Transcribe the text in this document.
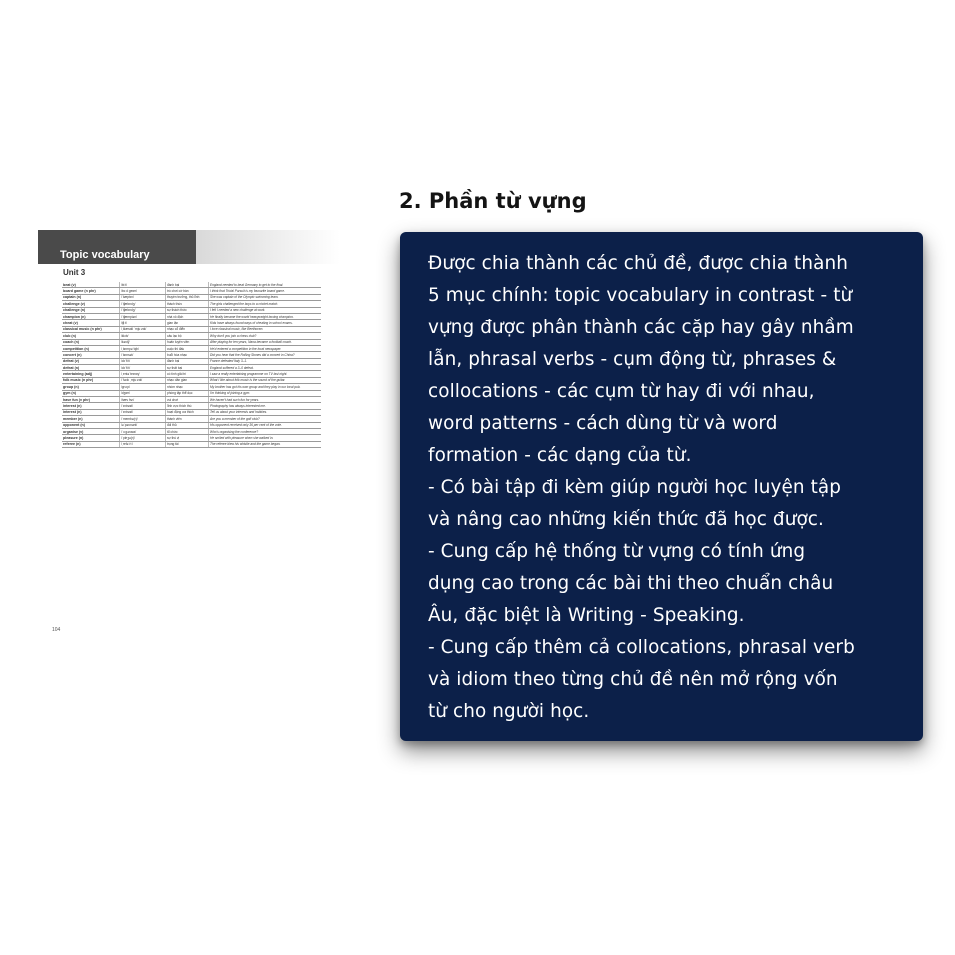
Topic vocabulary
Unit 3
beat (v)	/biːt/	đánh bại	England needed to beat Germany to get to the final.
board game (n phr)	/bɔːd ɡeɪm/	trò chơi cờ bàn	I think that Trivial Pursuit is my favourite board game.
captain (n)	/ˈkæptɪn/	thuyền trưởng, thủ lĩnh	She was captain of the Olympic swimming team.
challenge (v)	/ˈtʃælɪndʒ/	thách thức	The girls challenged the boys to a cricket match.
challenge (n)	/ˈtʃælɪndʒ/	sự thách thức	I felt I needed a new challenge at work.
champion (n)	/ˈtʃæmpiən/	nhà vô địch	He finally became the world heavyweight boxing champion.
cheat (v)	/tʃiːt/	gian lận	Kids have always found ways of cheating in school exams.
classical music (n phr)	/ˌklæsɪkl ˈmjuːzɪk/	nhạc cổ điển	I love classical music, like Beethoven.
club (n)	/klʌb/	câu lạc bộ	Why don't you join a chess club?
coach (n)	/kəʊtʃ/	huấn luyện viên	After playing for ten years, Nana became a football coach.
competition (n)	/ˌkɒmpəˈtɪʃn/	cuộc thi đấu	He'd entered a competition in the local newspaper.
concert (n)	/ˈkɒnsət/	buổi hòa nhạc	Did you hear that the Rolling Stones did a concert in China?
defeat (v)	/dɪˈfiːt/	đánh bại	France defeated Italy 3–1.
defeat (n)	/dɪˈfiːt/	sự thất bại	England suffered a 3–0 defeat.
entertaining (adj)	/ˌentəˈteɪnɪŋ/	có tính giải trí	I saw a really entertaining programme on TV last night.
folk music (n phr)	/ˈfəʊk ˌmjuːzɪk/	nhạc dân gian	What I like about folk music is the sound of the guitar.
group (n)	/ɡruːp/	nhóm nhạc	My brother has got his own group and they play in our local pub.
gym (n)	/dʒɪm/	phòng tập thể dục	I'm thinking of joining a gym.
have fun (v phr)	/hæv fʌn/	vui chơi	We haven't had such fun for years.
interest (n)	/ˈɪntrəst/	lĩnh vực thích thú	Photography has always interested me.
interest (n)	/ˈɪntrəst/	hoạt động ưa thích	Tell us about your interests and hobbies.
member (n)	/ˈmembə(r)/	thành viên	Are you a member of the golf club?
opponent (n)	/əˈpəʊnənt/	đối thủ	His opponent received only 36 per cent of the vote.
organise (v)	/ˈɔːɡənaɪz/	tổ chức	Who's organising the conference?
pleasure (n)	/ˈpleʒə(r)/	sự thú vị	He smiled with pleasure when she walked in.
referee (n)	/ˌrefəˈriː/	trọng tài	The referee blew his whistle and the game began.
104
2. Phần từ vựng

Được chia thành các chủ đề, được chia thành
5 mục chính: topic vocabulary in contrast - từ
vựng được phân thành các cặp hay gây nhầm
lẫn, phrasal verbs - cụm động từ, phrases &
collocations - các cụm từ hay đi với nhau,
word patterns - cách dùng từ và word
formation - các dạng của từ.
- Có bài tập đi kèm giúp người học luyện tập
và nâng cao những kiến thức đã học được.
- Cung cấp hệ thống từ vựng có tính ứng
dụng cao trong các bài thi theo chuẩn châu
Âu, đặc biệt là Writing - Speaking.
- Cung cấp thêm cả collocations, phrasal verb
và idiom theo từng chủ đề nên mở rộng vốn
từ cho người học.
